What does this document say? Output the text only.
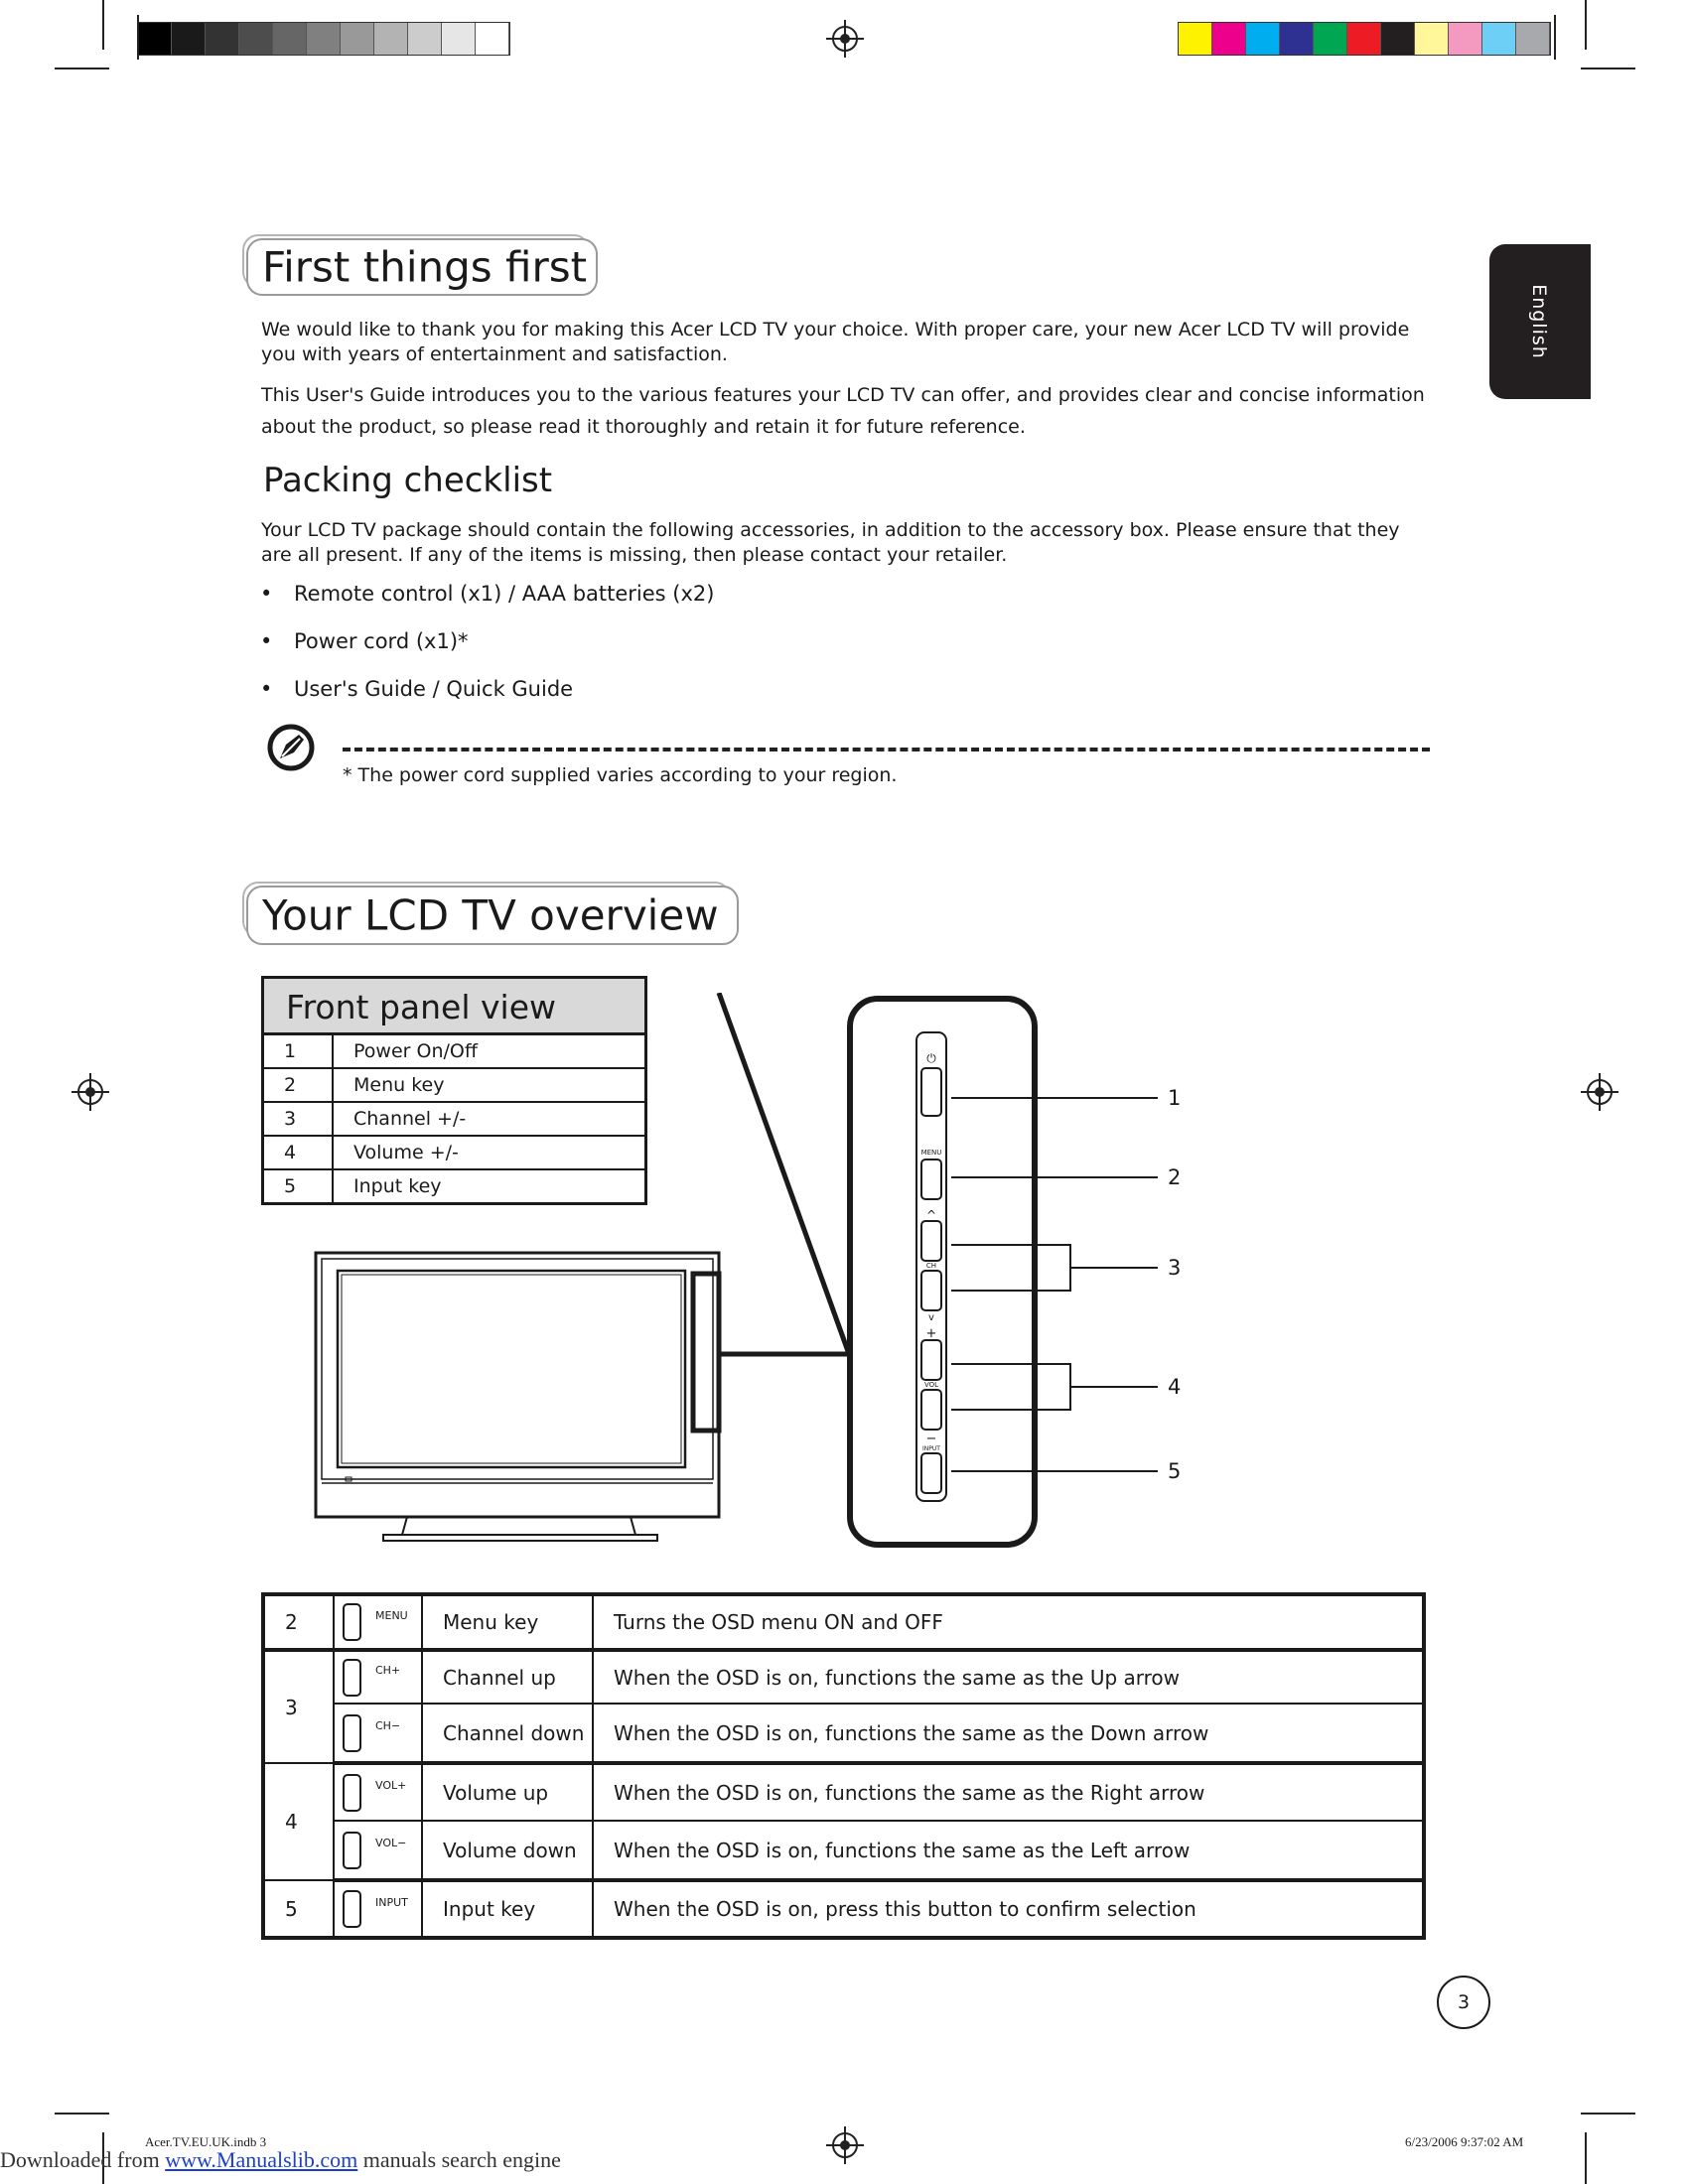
English
First things first
We would like to thank you for making this Acer LCD TV your choice. With proper care, your new Acer LCD TV will provide you with years of entertainment and satisfaction.
This User's Guide introduces you to the various features your LCD TV can offer, and provides clear and concise information about the product, so please read it thoroughly and retain it for future reference.
Packing checklist
Your LCD TV package should contain the following accessories, in addition to the accessory box. Please ensure that they are all present. If any of the items is missing, then please contact your retailer.
• Remote control (x1) / AAA batteries (x2)
• Power cord (x1)*
• User's Guide / Quick Guide
* The power cord supplied varies according to your region.
Your LCD TV overview
Front panel view	
1	Power On/Off
2	Menu key
3	Channel +/-
4	Volume +/-
5	Input key
⏻
MENU
^
CH
v
+
VOL
−
INPUT
1
2
3
4
5
2	MENU	Menu key	Turns the OSD menu ON and OFF
3	CH+	Channel up	When the OSD is on, functions the same as the Up arrow

	CH−	Channel down	When the OSD is on, functions the same as the Down arrow
4	VOL+	Volume up	When the OSD is on, functions the same as the Right arrow

	VOL−	Volume down	When the OSD is on, functions the same as the Left arrow
5	INPUT	Input key	When the OSD is on, press this button to confirm selection
3
Acer.TV.EU.UK.indb 3	6/23/2006 9:37:02 AM
Downloaded from www.Manualslib.com manuals search engine
